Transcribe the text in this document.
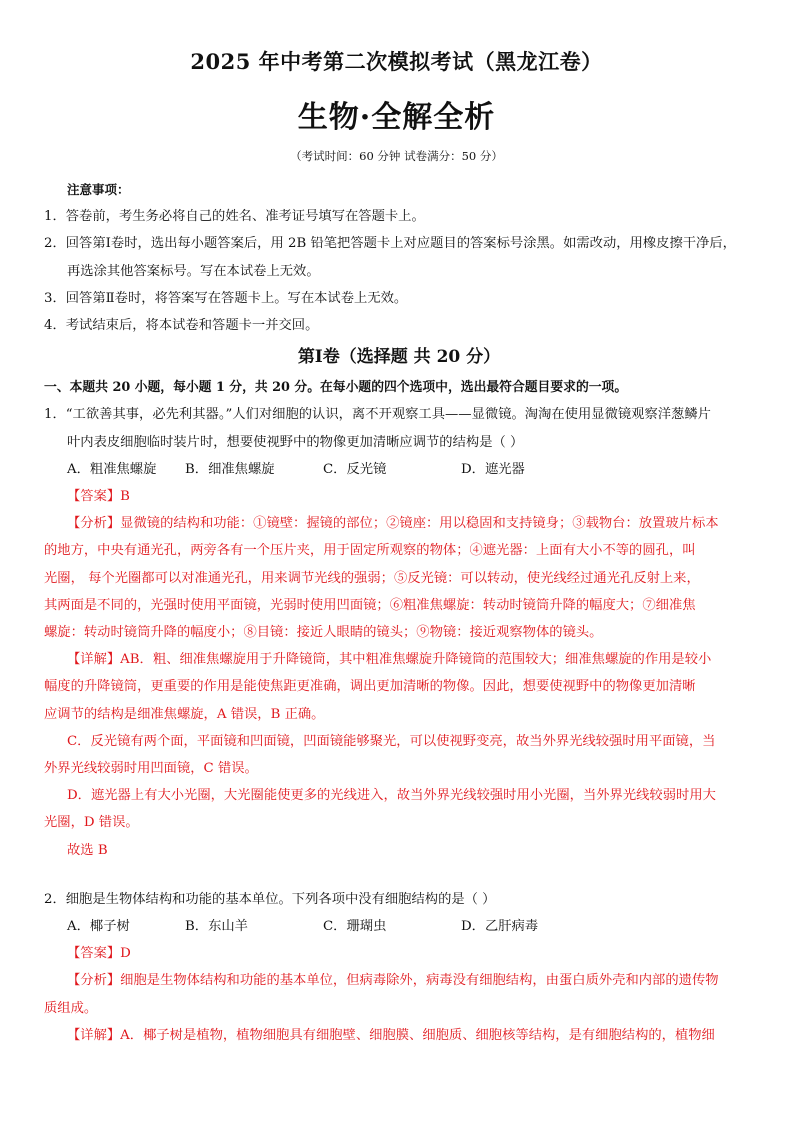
2025 年中考第二次模拟考试（黑龙江卷）
生物·全解全析
（考试时间：60 分钟 试卷满分：50 分）

注意事项：

1．答卷前，考生务必将自己的姓名、准考证号填写在答题卡上。

2．回答第Ⅰ卷时，选出每小题答案后，用 2B 铅笔把答题卡上对应题目的答案标号涂黑。如需改动，用橡皮擦干净后，

再选涂其他答案标号。写在本试卷上无效。

3．回答第Ⅱ卷时，将答案写在答题卡上。写在本试卷上无效。

4．考试结束后，将本试卷和答题卡一并交回。

第Ⅰ卷（选择题 共 20 分）

一、本题共 20 小题，每小题 1 分，共 20 分。在每小题的四个选项中，选出最符合题目要求的一项。

1．“工欲善其事，必先利其器。”人们对细胞的认识，离不开观察工具——显微镜。淘淘在使用显微镜观察洋葱鳞片

叶内表皮细胞临时装片时，想要使视野中的物像更加清晰应调节的结构是（ ）

A．粗准焦螺旋 B．细准焦螺旋	C．反光镜	D．遮光器

【答案】B

【分析】显微镜的结构和功能：①镜壁：握镜的部位；②镜座：用以稳固和支持镜身；③载物台：放置玻片标本

的地方，中央有通光孔，两旁各有一个压片夹，用于固定所观察的物体；④遮光器：上面有大小不等的圆孔，叫

光圈， 每个光圈都可以对准通光孔，用来调节光线的强弱；⑤反光镜：可以转动，使光线经过通光孔反射上来，

其两面是不同的，光强时使用平面镜，光弱时使用凹面镜；⑥粗准焦螺旋：转动时镜筒升降的幅度大；⑦细准焦

螺旋：转动时镜筒升降的幅度小；⑧目镜：接近人眼睛的镜头；⑨物镜：接近观察物体的镜头。

【详解】AB．粗、细准焦螺旋用于升降镜筒，其中粗准焦螺旋升降镜筒的范围较大；细准焦螺旋的作用是较小

幅度的升降镜筒，更重要的作用是能使焦距更准确，调出更加清晰的物像。因此，想要使视野中的物像更加清晰

应调节的结构是细准焦螺旋，A 错误，B 正确。

C．反光镜有两个面，平面镜和凹面镜，凹面镜能够聚光，可以使视野变亮，故当外界光线较强时用平面镜，当

外界光线较弱时用凹面镜，C 错误。

D．遮光器上有大小光圈，大光圈能使更多的光线进入，故当外界光线较强时用小光圈，当外界光线较弱时用大

光圈，D 错误。

故选 B

2．细胞是生物体结构和功能的基本单位。下列各项中没有细胞结构的是（ ）

A．椰子树	B．东山羊	C．珊瑚虫	D．乙肝病毒

【答案】D

【分析】细胞是生物体结构和功能的基本单位，但病毒除外，病毒没有细胞结构，由蛋白质外壳和内部的遗传物

质组成。

【详解】A．椰子树是植物，植物细胞具有细胞壁、细胞膜、细胞质、细胞核等结构，是有细胞结构的，植物细
